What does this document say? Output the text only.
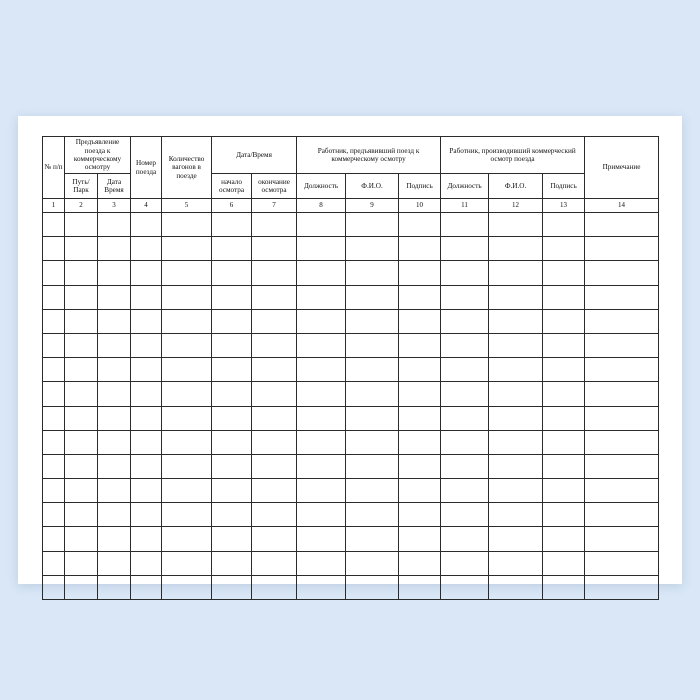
№ п/п	Предъявление поезда к коммерческому осмотру		Номер поезда	Количество вагонов в поезде	Дата/Время		Работник, предъявивший поезд к коммерческому осмотру			Работник, производивший коммерческий осмотр поезда			Примечание
	Путь/ Парк	Дата Время			начало осмотра	окончание осмотра	Должность	Ф.И.О.	Подпись	Должность	Ф.И.О.	Подпись	
1	2	3	4	5	6	7	8	9	10	11	12	13	14
